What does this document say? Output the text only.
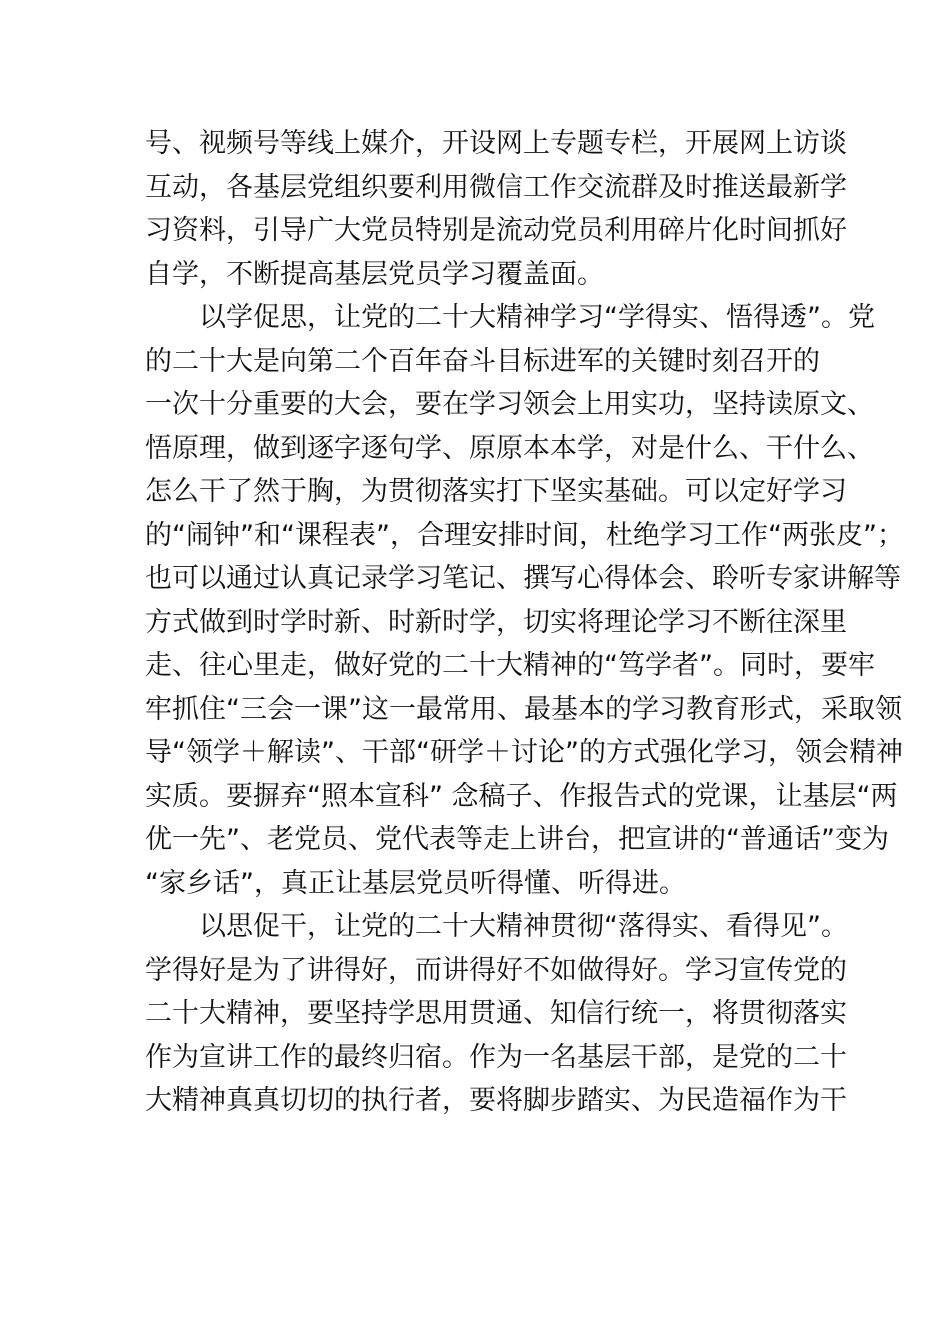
号、视频号等线上媒介，开设网上专题专栏，开展网上访谈
互动，各基层党组织要利用微信工作交流群及时推送最新学
习资料，引导广大党员特别是流动党员利用碎片化时间抓好
自学，不断提高基层党员学习覆盖面。
以学促思，让党的二十大精神学习“学得实、悟得透”。党
的二十大是向第二个百年奋斗目标进军的关键时刻召开的
一次十分重要的大会，要在学习领会上用实功，坚持读原文、
悟原理，做到逐字逐句学、原原本本学，对是什么、干什么、
怎么干了然于胸，为贯彻落实打下坚实基础。可以定好学习
的“闹钟”和“课程表”，合理安排时间，杜绝学习工作“两张皮”；
也可以通过认真记录学习笔记、撰写心得体会、聆听专家讲解等
方式做到时学时新、时新时学，切实将理论学习不断往深里
走、往心里走，做好党的二十大精神的“笃学者”。同时，要牢
牢抓住“三会一课”这一最常用、最基本的学习教育形式，采取领
导“领学＋解读”、干部“研学＋讨论”的方式强化学习，领会精神
实质。要摒弃“照本宣科” 念稿子、作报告式的党课，让基层“两
优一先”、老党员、党代表等走上讲台，把宣讲的“普通话”变为
“家乡话”，真正让基层党员听得懂、听得进。
以思促干，让党的二十大精神贯彻“落得实、看得见”。
学得好是为了讲得好，而讲得好不如做得好。学习宣传党的
二十大精神，要坚持学思用贯通、知信行统一，将贯彻落实
作为宣讲工作的最终归宿。作为一名基层干部，是党的二十
大精神真真切切的执行者，要将脚步踏实、为民造福作为干
